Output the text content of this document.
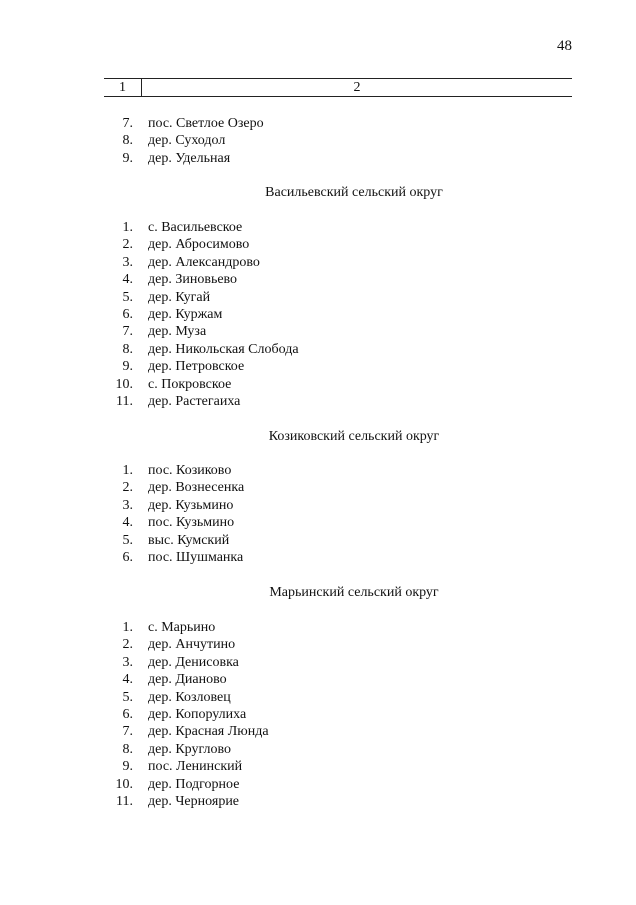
48
1	2
7. пос. Светлое Озеро
8. дер. Суходол
9. дер. Удельная
Васильевский сельский округ
1. с. Васильевское
2. дер. Абросимово
3. дер. Александрово
4. дер. Зиновьево
5. дер. Кугай
6. дер. Куржам
7. дер. Муза
8. дер. Никольская Слобода
9. дер. Петровское
10. с. Покровское
11. дер. Растегаиха
Козиковский сельский округ
1. пос. Козиково
2. дер. Вознесенка
3. дер. Кузьмино
4. пос. Кузьмино
5. выс. Кумский
6. пос. Шушманка
Марьинский сельский округ
1. с. Марьино
2. дер. Анчутино
3. дер. Денисовка
4. дер. Дианово
5. дер. Козловец
6. дер. Копорулиха
7. дер. Красная Люнда
8. дер. Круглово
9. пос. Ленинский
10. дер. Подгорное
11. дер. Черноярие
